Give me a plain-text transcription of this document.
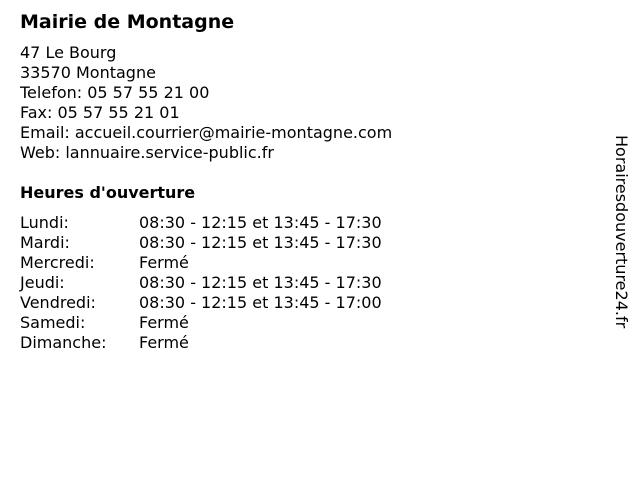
Mairie de Montagne
47 Le Bourg
33570 Montagne
Telefon: 05 57 55 21 00
Fax: 05 57 55 21 01
Email: accueil.courrier@mairie-montagne.com
Web: lannuaire.service-public.fr
Heures d'ouverture
Lundi:	08:30 - 12:15 et 13:45 - 17:30
Mardi:	08:30 - 12:15 et 13:45 - 17:30
Mercredi:	Fermé
Jeudi:	08:30 - 12:15 et 13:45 - 17:30
Vendredi:	08:30 - 12:15 et 13:45 - 17:00
Samedi:	Fermé
Dimanche:	Fermé
Horairesdouverture24.fr
